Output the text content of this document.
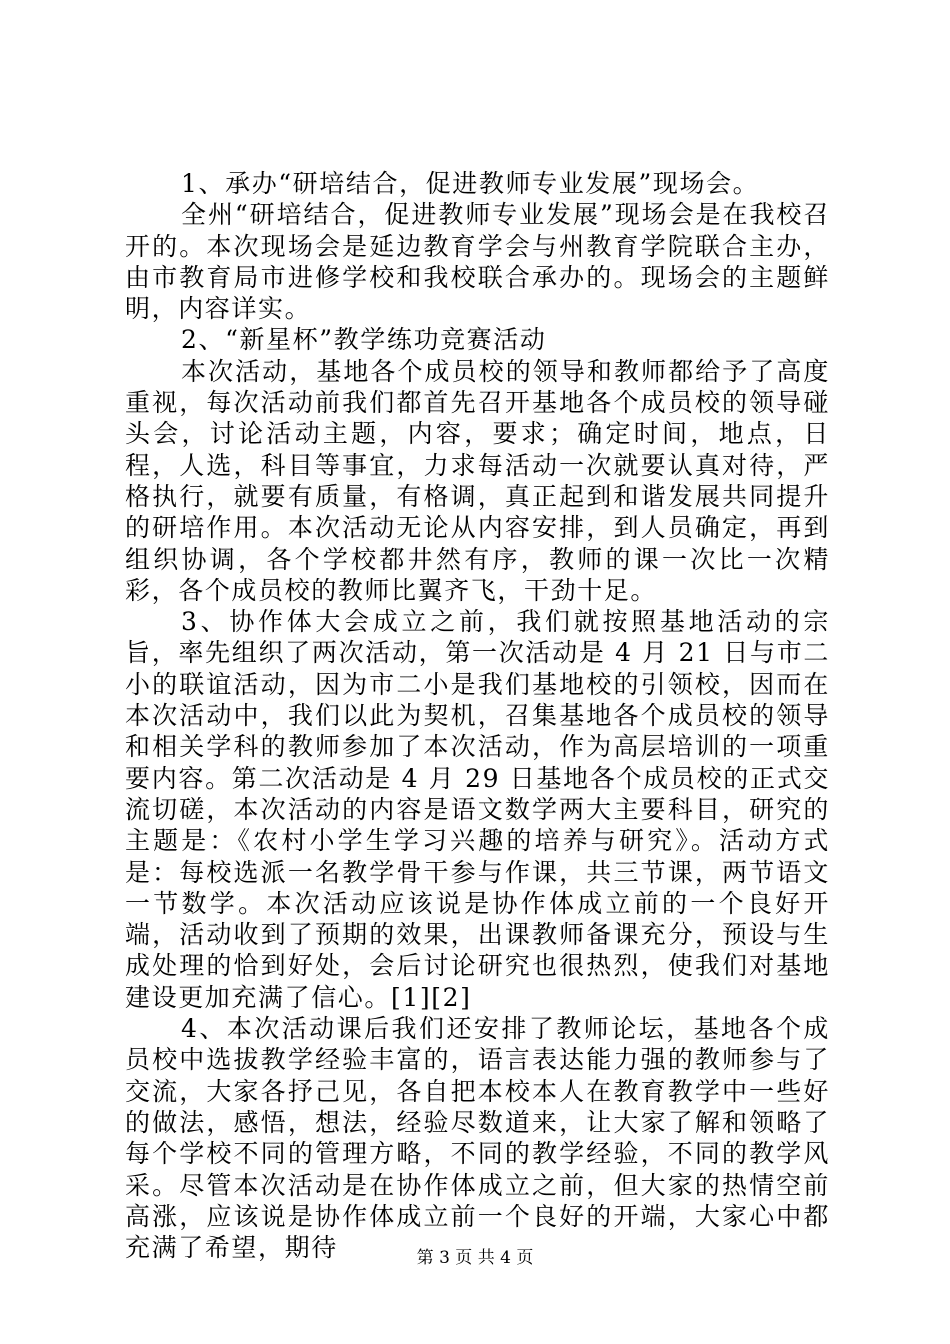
1、承办“研培结合，促进教师专业发展”现场会。

全州“研培结合，促进教师专业发展”现场会是在我校召开的。本次现场会是延边教育学会与州教育学院联合主办，由市教育局市进修学校和我校联合承办的。现场会的主题鲜明，内容详实。

2、“新星杯”教学练功竞赛活动

本次活动，基地各个成员校的领导和教师都给予了高度重视，每次活动前我们都首先召开基地各个成员校的领导碰头会，讨论活动主题，内容，要求；确定时间，地点，日程，人选，科目等事宜，力求每活动一次就要认真对待，严格执行，就要有质量，有格调，真正起到和谐发展共同提升的研培作用。本次活动无论从内容安排，到人员确定，再到组织协调，各个学校都井然有序，教师的课一次比一次精彩，各个成员校的教师比翼齐飞，干劲十足。

3、协作体大会成立之前，我们就按照基地活动的宗旨，率先组织了两次活动，第一次活动是 4 月 21 日与市二小的联谊活动，因为市二小是我们基地校的引领校，因而在本次活动中，我们以此为契机，召集基地各个成员校的领导和相关学科的教师参加了本次活动，作为高层培训的一项重要内容。第二次活动是 4 月 29 日基地各个成员校的正式交流切磋，本次活动的内容是语文数学两大主要科目，研究的主题是：《农村小学生学习兴趣的培养与研究》。活动方式是：每校选派一名教学骨干参与作课，共三节课，两节语文一节数学。本次活动应该说是协作体成立前的一个良好开端，活动收到了预期的效果，出课教师备课充分，预设与生成处理的恰到好处，会后讨论研究也很热烈，使我们对基地建设更加充满了信心。[1][2]

4、本次活动课后我们还安排了教师论坛，基地各个成员校中选拔教学经验丰富的，语言表达能力强的教师参与了交流，大家各抒己见，各自把本校本人在教育教学中一些好的做法，感悟，想法，经验尽数道来，让大家了解和领略了每个学校不同的管理方略，不同的教学经验，不同的教学风采。尽管本次活动是在协作体成立之前，但大家的热情空前高涨，应该说是协作体成立前一个良好的开端，大家心中都充满了希望，期待	第 3 页 共 4 页
